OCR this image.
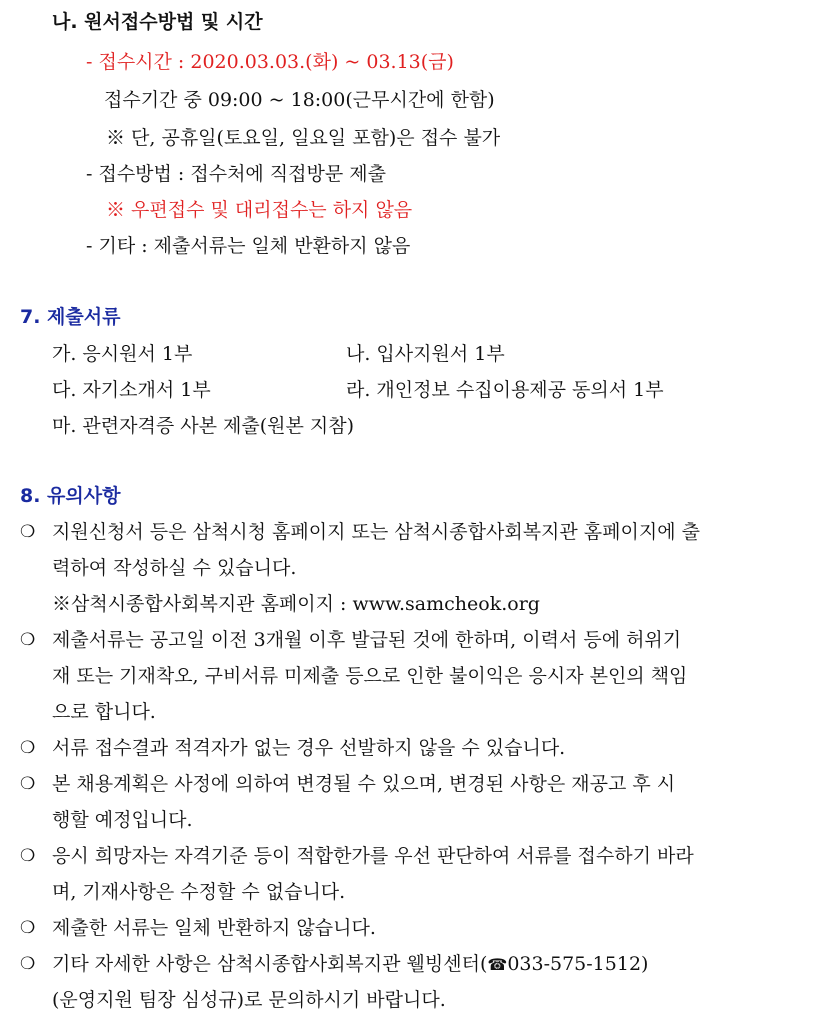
나. 원서접수방법 및 시간
- 접수시간 : 2020.03.03.(화) ~ 03.13(금)
접수기간 중 09:00 ~ 18:00(근무시간에 한함)
※ 단, 공휴일(토요일, 일요일 포함)은 접수 불가
- 접수방법 : 접수처에 직접방문 제출
※ 우편접수 및 대리접수는 하지 않음
- 기타 : 제출서류는 일체 반환하지 않음
7. 제출서류
가. 응시원서 1부	나. 입사지원서 1부
다. 자기소개서 1부	라. 개인정보 수집이용제공 동의서 1부
마. 관련자격증 사본 제출(원본 지참)
8. 유의사항
❍ 지원신청서 등은 삼척시청 홈페이지 또는 삼척시종합사회복지관 홈페이지에 출
력하여 작성하실 수 있습니다.
※삼척시종합사회복지관 홈페이지 : www.samcheok.org
❍ 제출서류는 공고일 이전 3개월 이후 발급된 것에 한하며, 이력서 등에 허위기
재 또는 기재착오, 구비서류 미제출 등으로 인한 불이익은 응시자 본인의 책임
으로 합니다.
❍ 서류 접수결과 적격자가 없는 경우 선발하지 않을 수 있습니다.
❍ 본 채용계획은 사정에 의하여 변경될 수 있으며, 변경된 사항은 재공고 후 시
행할 예정입니다.
❍ 응시 희망자는 자격기준 등이 적합한가를 우선 판단하여 서류를 접수하기 바라
며, 기재사항은 수정할 수 없습니다.
❍ 제출한 서류는 일체 반환하지 않습니다.
❍ 기타 자세한 사항은 삼척시종합사회복지관 웰빙센터(☎033-575-1512)
(운영지원 팀장 심성규)로 문의하시기 바랍니다.
